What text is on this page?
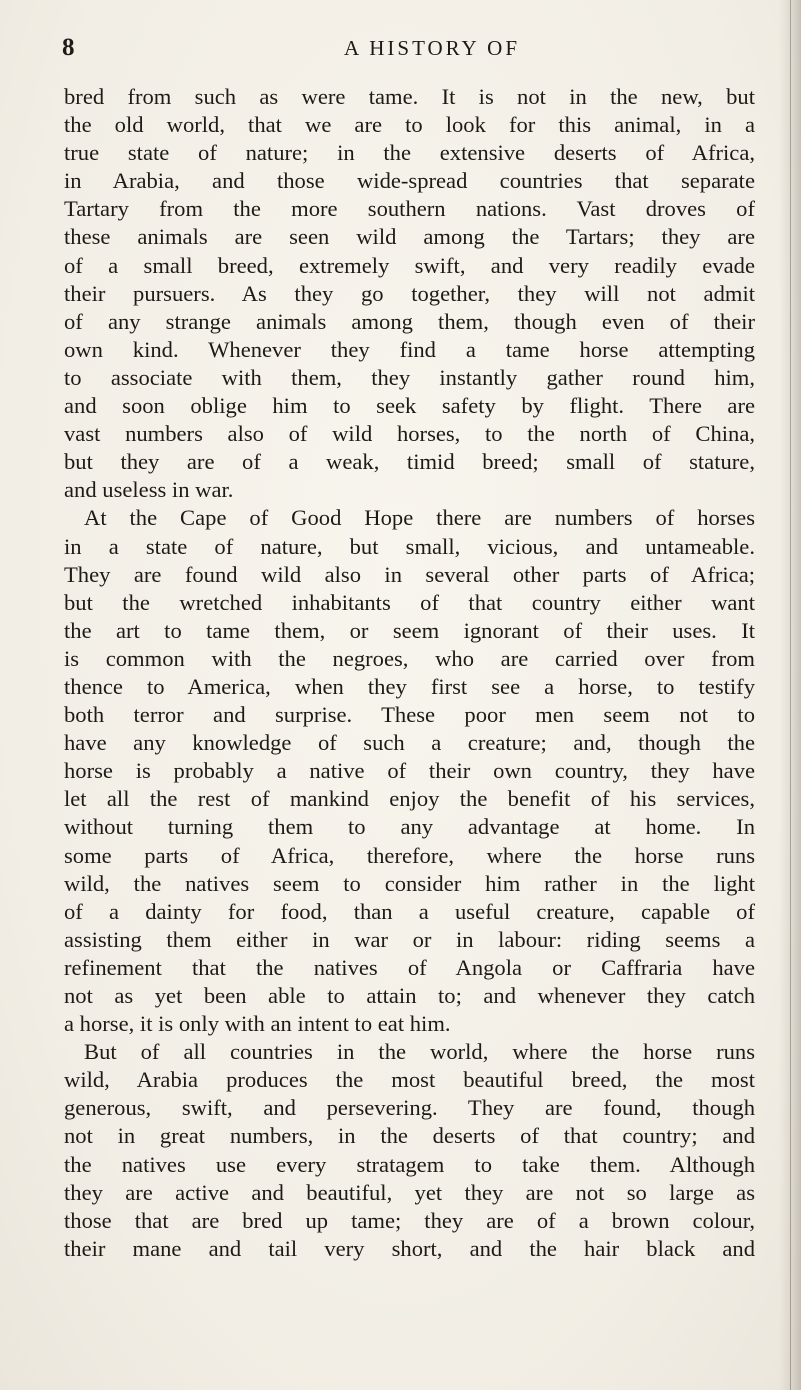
8	A HISTORY OF
bred from such as were tame. It is not in the new, but
the old world, that we are to look for this animal, in a
true state of nature; in the extensive deserts of Africa,
in Arabia, and those wide-spread countries that separate
Tartary from the more southern nations. Vast droves of
these animals are seen wild among the Tartars; they are
of a small breed, extremely swift, and very readily evade
their pursuers. As they go together, they will not admit
of any strange animals among them, though even of their
own kind. Whenever they find a tame horse attempting
to associate with them, they instantly gather round him,
and soon oblige him to seek safety by flight. There are
vast numbers also of wild horses, to the north of China,
but they are of a weak, timid breed; small of stature,
and useless in war.
At the Cape of Good Hope there are numbers of horses
in a state of nature, but small, vicious, and untameable.
They are found wild also in several other parts of Africa;
but the wretched inhabitants of that country either want
the art to tame them, or seem ignorant of their uses. It
is common with the negroes, who are carried over from
thence to America, when they first see a horse, to testify
both terror and surprise. These poor men seem not to
have any knowledge of such a creature; and, though the
horse is probably a native of their own country, they have
let all the rest of mankind enjoy the benefit of his services,
without turning them to any advantage at home. In
some parts of Africa, therefore, where the horse runs
wild, the natives seem to consider him rather in the light
of a dainty for food, than a useful creature, capable of
assisting them either in war or in labour: riding seems a
refinement that the natives of Angola or Caffraria have
not as yet been able to attain to; and whenever they catch
a horse, it is only with an intent to eat him.
But of all countries in the world, where the horse runs
wild, Arabia produces the most beautiful breed, the most
generous, swift, and persevering. They are found, though
not in great numbers, in the deserts of that country; and
the natives use every stratagem to take them. Although
they are active and beautiful, yet they are not so large as
those that are bred up tame; they are of a brown colour,
their mane and tail very short, and the hair black and
